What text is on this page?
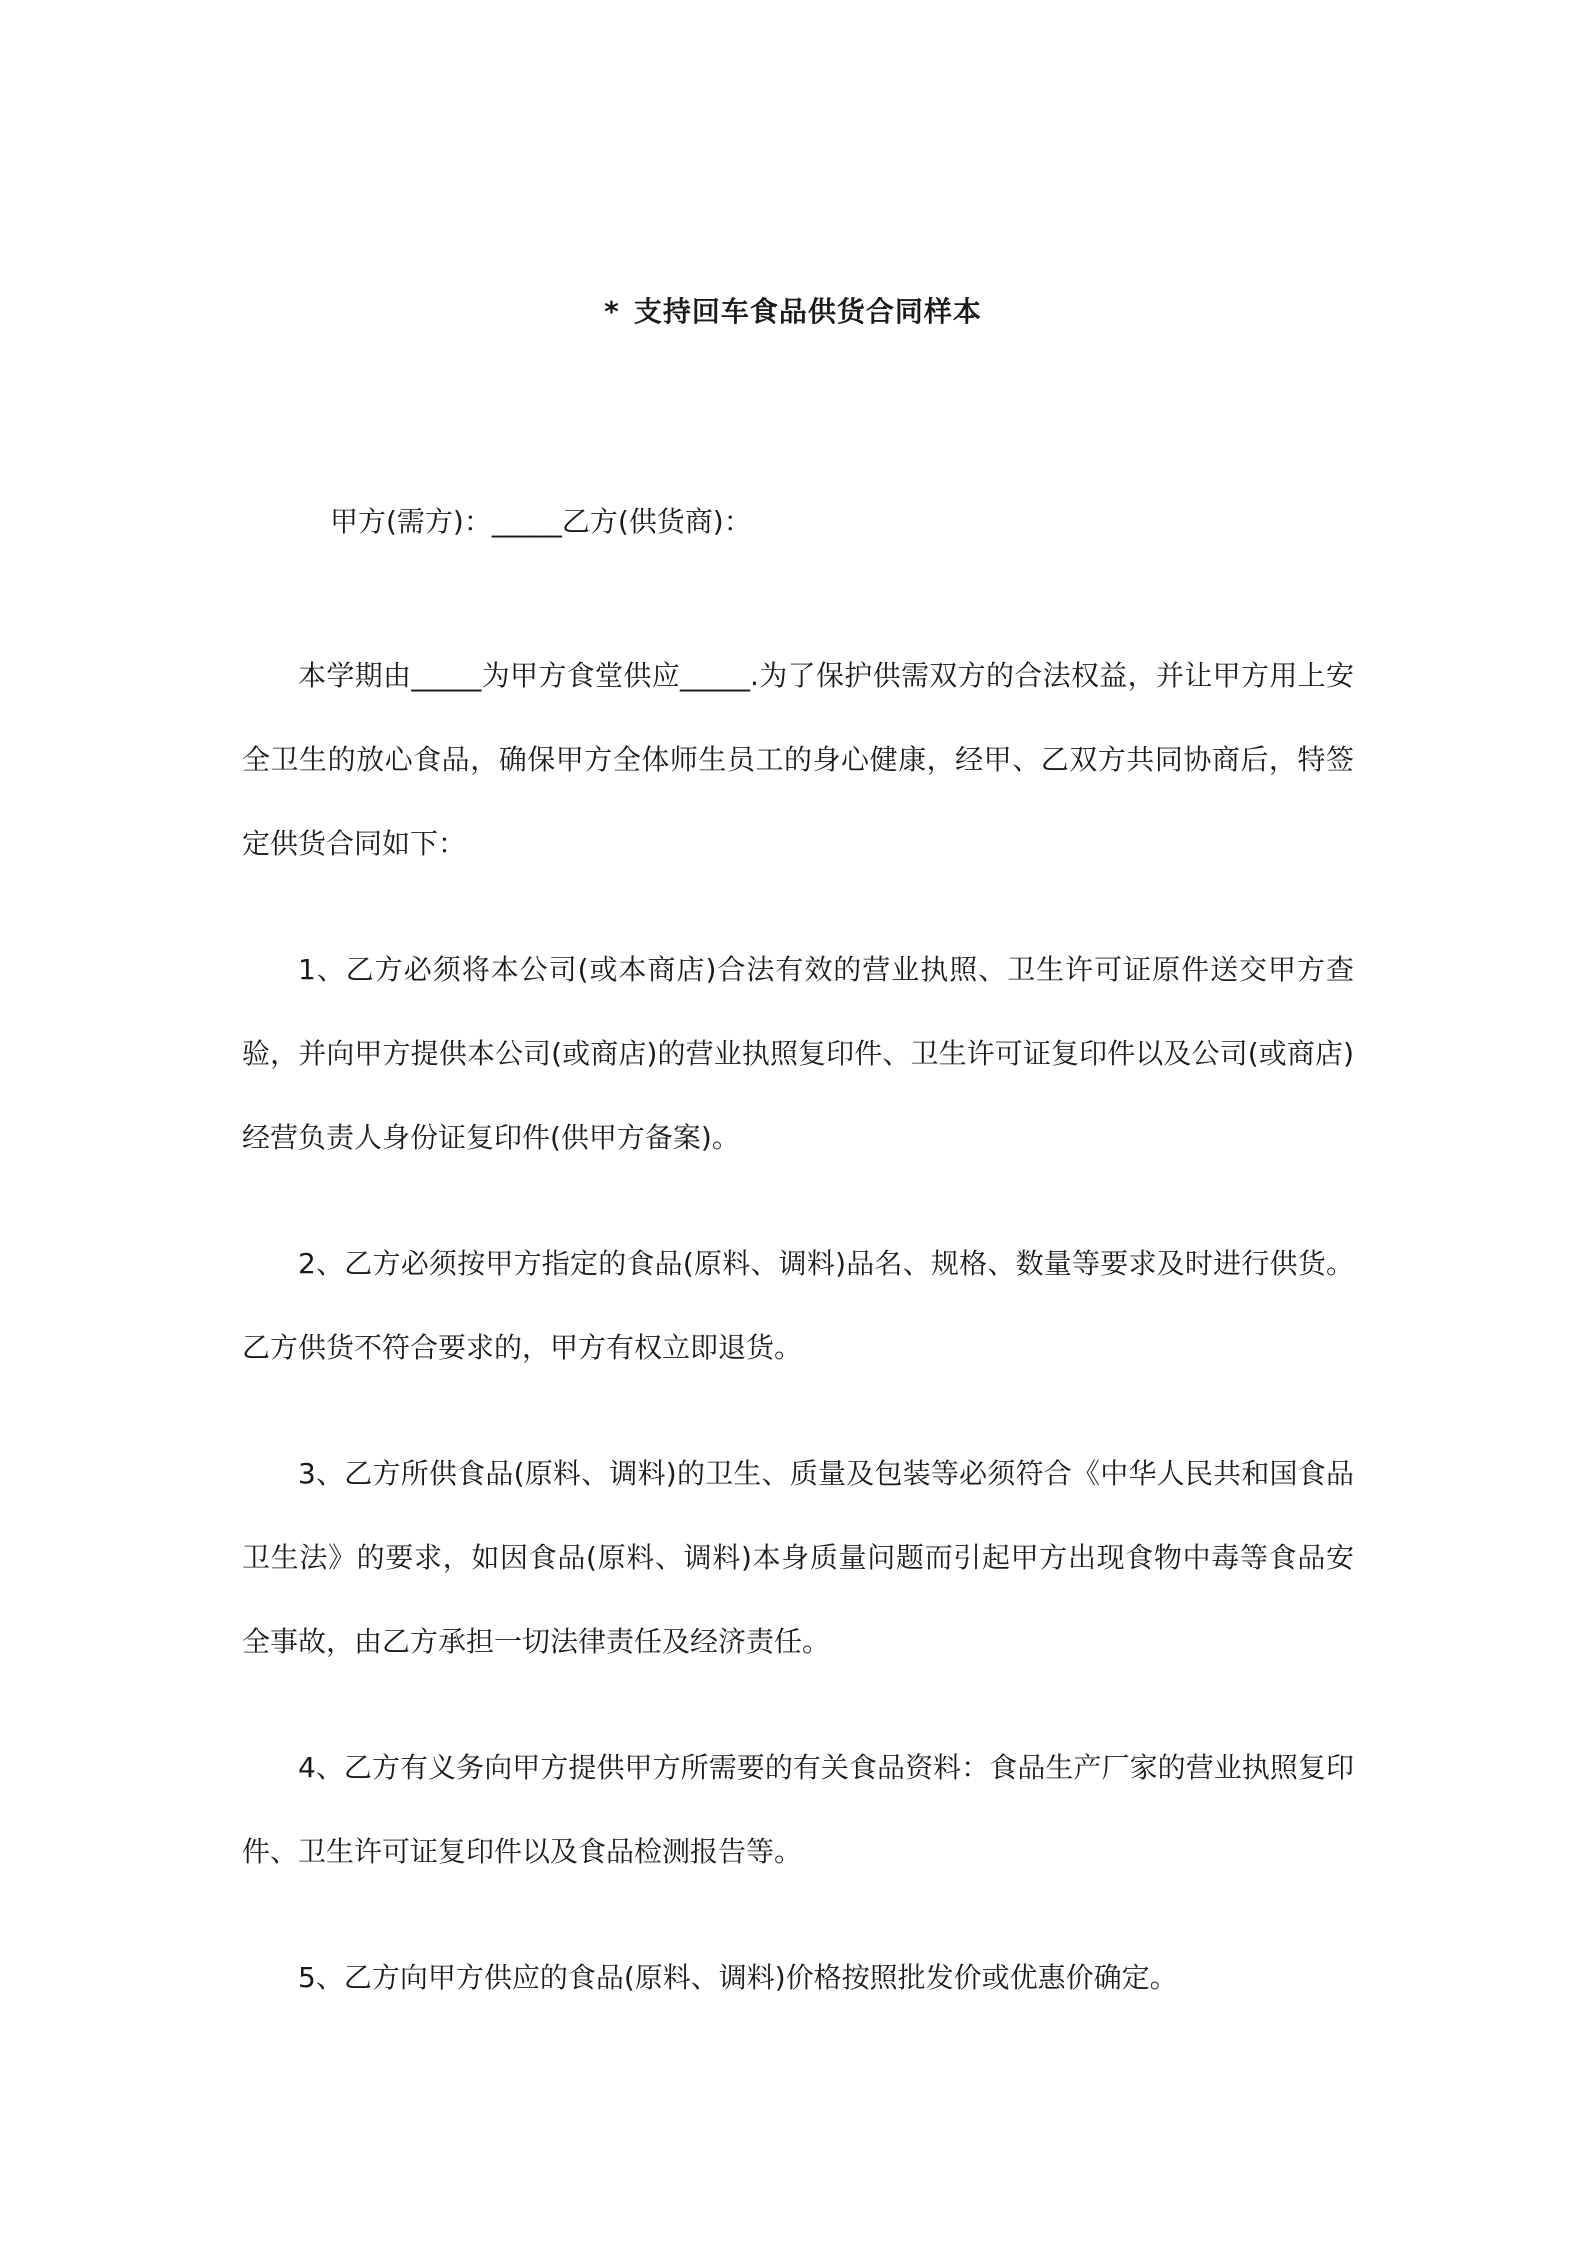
* 支持回车食品供货合同样本
甲方(需方)：_____乙方(供货商)：

本学期由_____为甲方食堂供应_____.为了保护供需双方的合法权益，并让甲方用上安全卫生的放心食品，确保甲方全体师生员工的身心健康，经甲、乙双方共同协商后，特签定供货合同如下：

1、乙方必须将本公司(或本商店)合法有效的营业执照、卫生许可证原件送交甲方查验，并向甲方提供本公司(或商店)的营业执照复印件、卫生许可证复印件以及公司(或商店)经营负责人身份证复印件(供甲方备案)。

2、乙方必须按甲方指定的食品(原料、调料)品名、规格、数量等要求及时进行供货。乙方供货不符合要求的，甲方有权立即退货。

3、乙方所供食品(原料、调料)的卫生、质量及包装等必须符合《中华人民共和国食品卫生法》的要求，如因食品(原料、调料)本身质量问题而引起甲方出现食物中毒等食品安全事故，由乙方承担一切法律责任及经济责任。

4、乙方有义务向甲方提供甲方所需要的有关食品资料：食品生产厂家的营业执照复印件、卫生许可证复印件以及食品检测报告等。

5、乙方向甲方供应的食品(原料、调料)价格按照批发价或优惠价确定。
